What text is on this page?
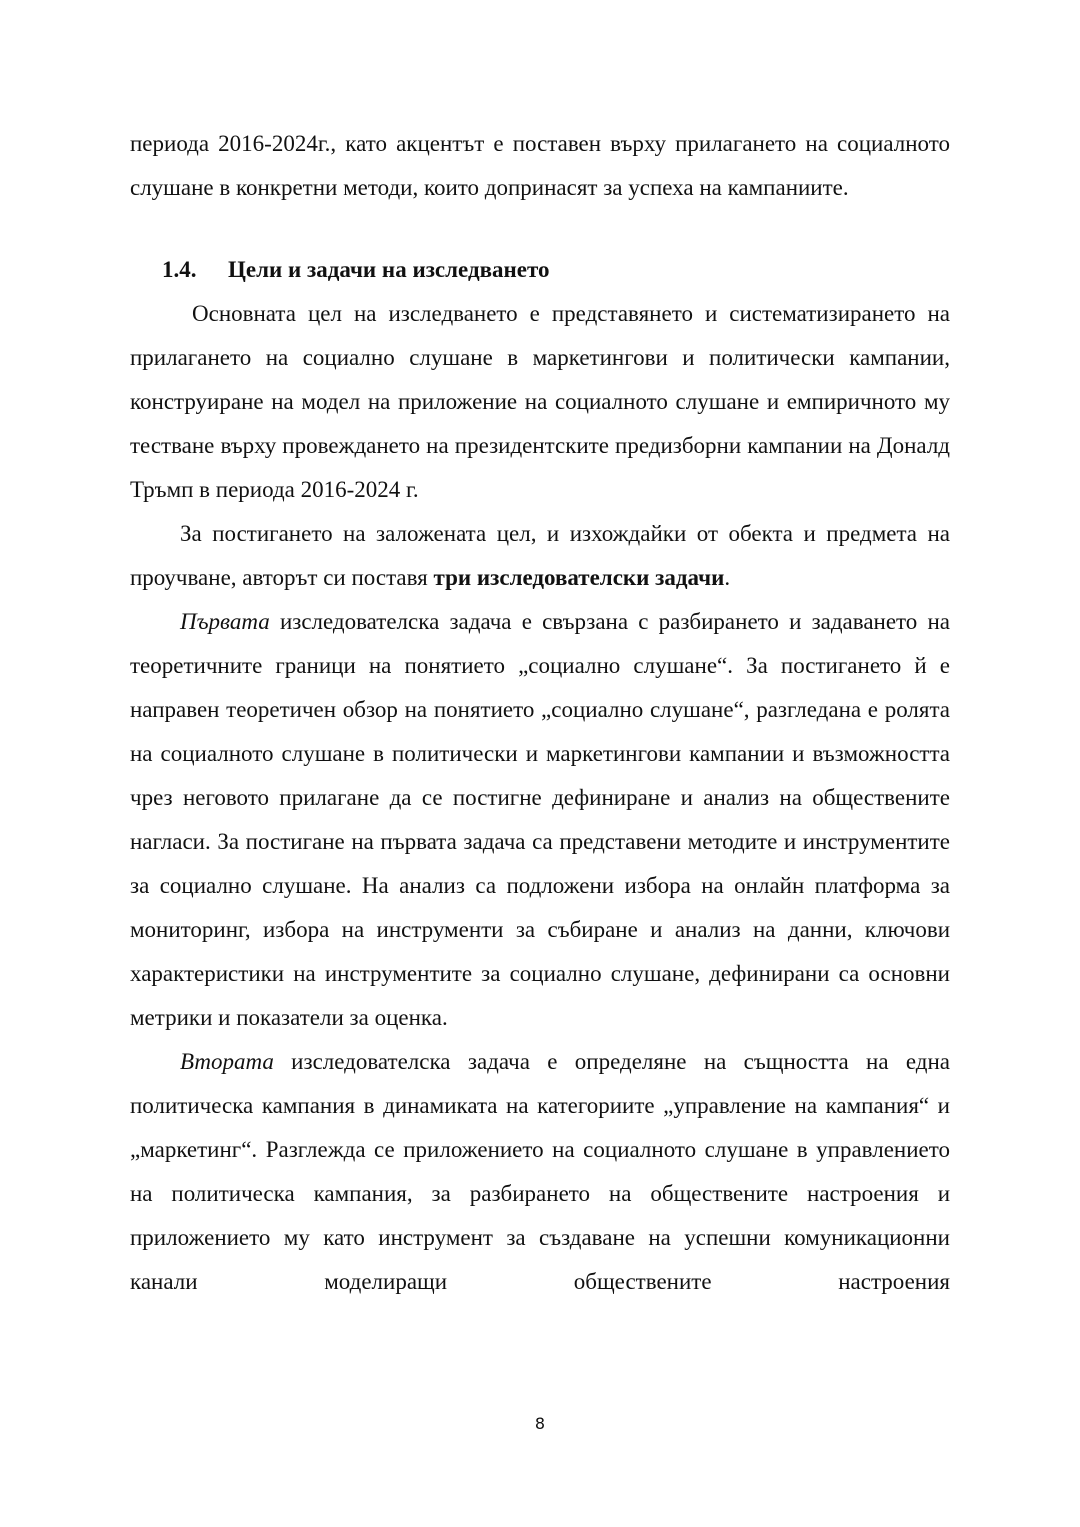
периода 2016-2024г., като акцентът е поставен върху прилагането на социалното слушане в конкретни методи, които допринасят за успеха на кампаниите.

1.4. Цели и задачи на изследването

Основната цел на изследването е представянето и систематизирането на прилагането на социално слушане в маркетингови и политически кампании, конструиране на модел на приложение на социалното слушане и емпиричното му тестване върху провеждането на президентските предизборни кампании на Доналд Тръмп в периода 2016-2024 г.

За постигането на заложената цел, и изхождайки от обекта и предмета на проучване, авторът си поставя три изследователски задачи.

Първата изследователска задача е свързана с разбирането и задаването на теоретичните граници на понятието „социално слушане“. За постигането й е направен теоретичен обзор на понятието „социално слушане“, разгледана е ролята на социалното слушане в политически и маркетингови кампании и възможността чрез неговото прилагане да се постигне дефиниране и анализ на обществените нагласи. За постигане на първата задача са представени методите и инструментите за социално слушане. На анализ са подложени избора на онлайн платформа за мониторинг, избора на инструменти за събиране и анализ на данни, ключови характеристики на инструментите за социално слушане, дефинирани са основни метрики и показатели за оценка.

Втората изследователска задача е определяне на същността на една политическа кампания в динамиката на категориите „управление на кампания“ и „маркетинг“. Разглежда се приложението на социалното слушане в управлението на политическа кампания, за разбирането на обществените настроения и приложението му като инструмент за създаване на успешни комуникационни канали моделиращи обществените настроения

8
